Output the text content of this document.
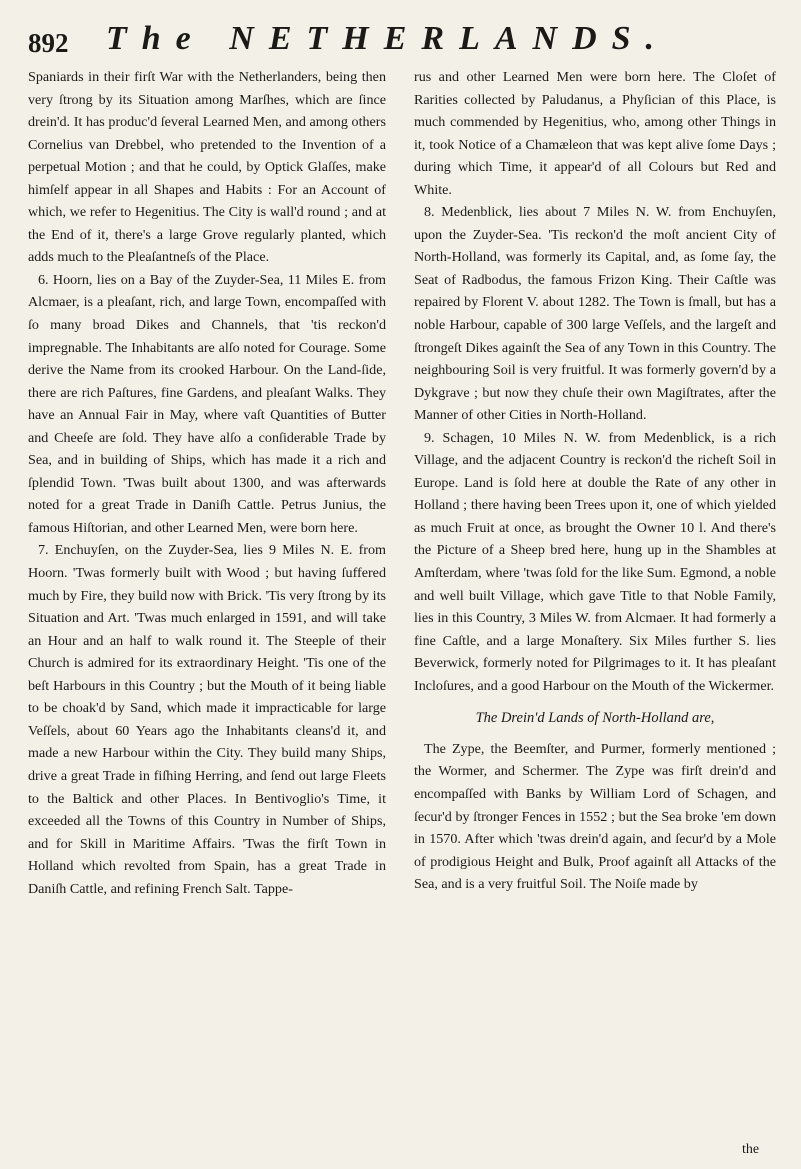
892 The NETHERLANDS.

Spaniards in their firſt War with the Netherlanders, being then very ſtrong by its Situation among Marſhes, which are ſince drein'd. It has produc'd ſeveral Learned Men, and among others Cornelius van Drebbel, who pretended to the Invention of a perpetual Motion ; and that he could, by Optick Glaſſes, make himſelf appear in all Shapes and Habits : For an Account of which, we refer to Hegenitius. The City is wall'd round ; and at the End of it, there's a large Grove regularly planted, which adds much to the Pleaſantneſs of the Place.

6. Hoorn, lies on a Bay of the Zuyder-Sea, 11 Miles E. from Alcmaer, is a pleaſant, rich, and large Town, encompaſſed with ſo many broad Dikes and Channels, that 'tis reckon'd impregnable. The Inhabitants are alſo noted for Courage. Some derive the Name from its crooked Harbour. On the Land-ſide, there are rich Paſtures, fine Gardens, and pleaſant Walks. They have an Annual Fair in May, where vaſt Quantities of Butter and Cheeſe are ſold. They have alſo a conſiderable Trade by Sea, and in building of Ships, which has made it a rich and ſplendid Town. 'Twas built about 1300, and was afterwards noted for a great Trade in Daniſh Cattle. Petrus Junius, the famous Hiſtorian, and other Learned Men, were born here.

7. Enchuyſen, on the Zuyder-Sea, lies 9 Miles N. E. from Hoorn. 'Twas formerly built with Wood ; but having ſuffered much by Fire, they build now with Brick. 'Tis very ſtrong by its Situation and Art. 'Twas much enlarged in 1591, and will take an Hour and an half to walk round it. The Steeple of their Church is admired for its extraordinary Height. 'Tis one of the beſt Harbours in this Country ; but the Mouth of it being liable to be choak'd by Sand, which made it impracticable for large Veſſels, about 60 Years ago the Inhabitants cleans'd it, and made a new Harbour within the City. They build many Ships, drive a great Trade in fiſhing Herring, and ſend out large Fleets to the Baltick and other Places. In Bentivoglio's Time, it exceeded all the Towns of this Country in Number of Ships, and for Skill in Maritime Affairs. 'Twas the firſt Town in Holland which revolted from Spain, has a great Trade in Daniſh Cattle, and refining French Salt. Tappe-

rus and other Learned Men were born here. The Cloſet of Rarities collected by Paludanus, a Phyſician of this Place, is much commended by Hegenitius, who, among other Things in it, took Notice of a Chamæleon that was kept alive ſome Days ; during which Time, it appear'd of all Colours but Red and White.

8. Medenblick, lies about 7 Miles N. W. from Enchuyſen, upon the Zuyder-Sea. 'Tis reckon'd the moſt ancient City of North-Holland, was formerly its Capital, and, as ſome ſay, the Seat of Radbodus, the famous Frizon King. Their Caſtle was repaired by Florent V. about 1282. The Town is ſmall, but has a noble Harbour, capable of 300 large Veſſels, and the largeſt and ſtrongeſt Dikes againſt the Sea of any Town in this Country. The neighbouring Soil is very fruitful. It was formerly govern'd by a Dykgrave ; but now they chuſe their own Magiſtrates, after the Manner of other Cities in North-Holland.

9. Schagen, 10 Miles N. W. from Medenblick, is a rich Village, and the adjacent Country is reckon'd the richeſt Soil in Europe. Land is ſold here at double the Rate of any other in Holland ; there having been Trees upon it, one of which yielded as much Fruit at once, as brought the Owner 10 l. And there's the Picture of a Sheep bred here, hung up in the Shambles at Amſterdam, where 'twas ſold for the like Sum. Egmond, a noble and well built Village, which gave Title to that Noble Family, lies in this Country, 3 Miles W. from Alcmaer. It had formerly a fine Caſtle, and a large Monaſtery. Six Miles further S. lies Beverwick, formerly noted for Pilgrimages to it. It has pleaſant Incloſures, and a good Harbour on the Mouth of the Wickermer.

The Drein'd Lands of North-Holland are,

The Zype, the Beemſter, and Purmer, formerly mentioned ; the Wormer, and Schermer. The Zype was firſt drein'd and encompaſſed with Banks by William Lord of Schagen, and ſecur'd by ſtronger Fences in 1552 ; but the Sea broke 'em down in 1570. After which 'twas drein'd again, and ſecur'd by a Mole of prodigious Height and Bulk, Proof againſt all Attacks of the Sea, and is a very fruitful Soil. The Noiſe made by

the
